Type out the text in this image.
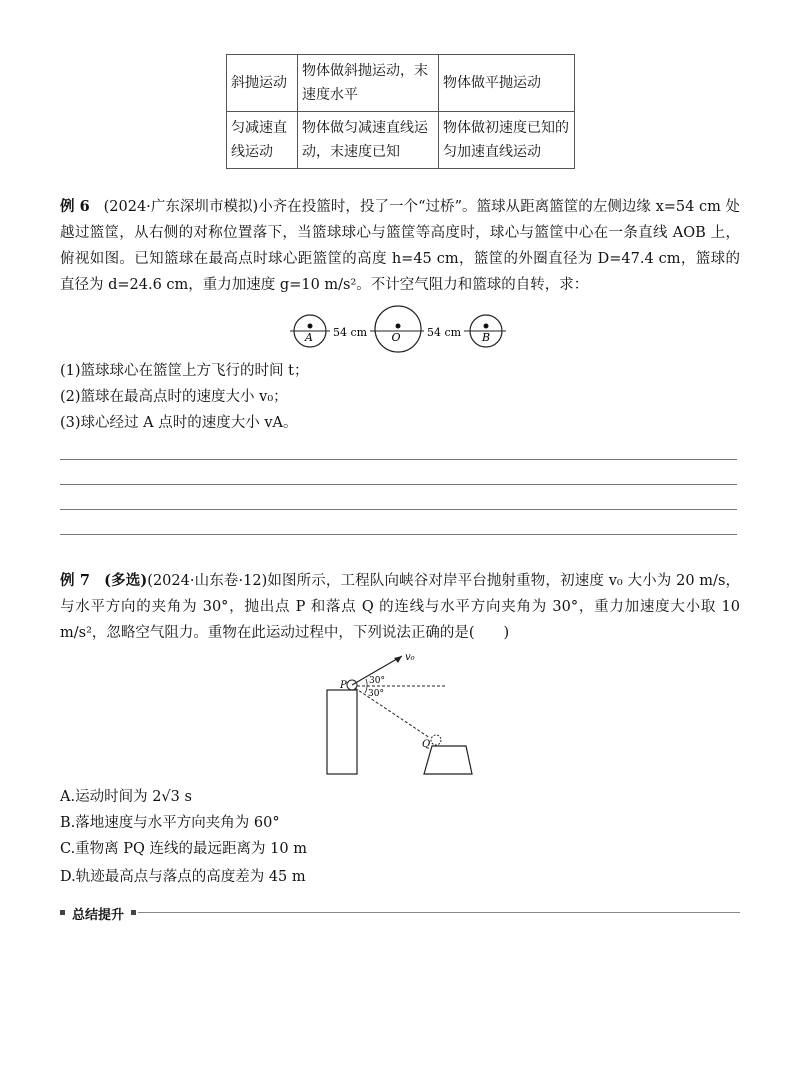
斜抛运动	物体做斜抛运动，末速度水平	物体做平抛运动
匀减速直线运动	物体做匀减速直线运动，末速度已知	物体做初速度已知的匀加速直线运动
例 6 (2024·广东深圳市模拟)小齐在投篮时，投了一个“过桥”。篮球从距离篮筐的左侧边缘 x=54 cm 处越过篮筐，从右侧的对称位置落下，当篮球球心与篮筐等高度时，球心与篮筐中心在一条直线 AOB 上，俯视如图。已知篮球在最高点时球心距篮筐的高度 h=45 cm，篮筐的外圈直径为 D=47.4 cm，篮球的直径为 d=24.6 cm，重力加速度 g=10 m/s²。不计空气阻力和篮球的自转，求：
A	O	B
54 cm	54 cm
(1)篮球球心在篮筐上方飞行的时间 t；
(2)篮球在最高点时的速度大小 v₀；
(3)球心经过 A 点时的速度大小 vA。
例 7 (多选)(2024·山东卷·12)如图所示，工程队向峡谷对岸平台抛射重物，初速度 v₀ 大小为 20 m/s，与水平方向的夹角为 30°，抛出点 P 和落点 Q 的连线与水平方向夹角为 30°，重力加速度大小取 10 m/s²，忽略空气阻力。重物在此运动过程中，下列说法正确的是(　　)
v₀
30°
30°
P
Q
A.运动时间为 2√3 s
B.落地速度与水平方向夹角为 60°
C.重物离 PQ 连线的最远距离为 10 m
D.轨迹最高点与落点的高度差为 45 m
总结提升
